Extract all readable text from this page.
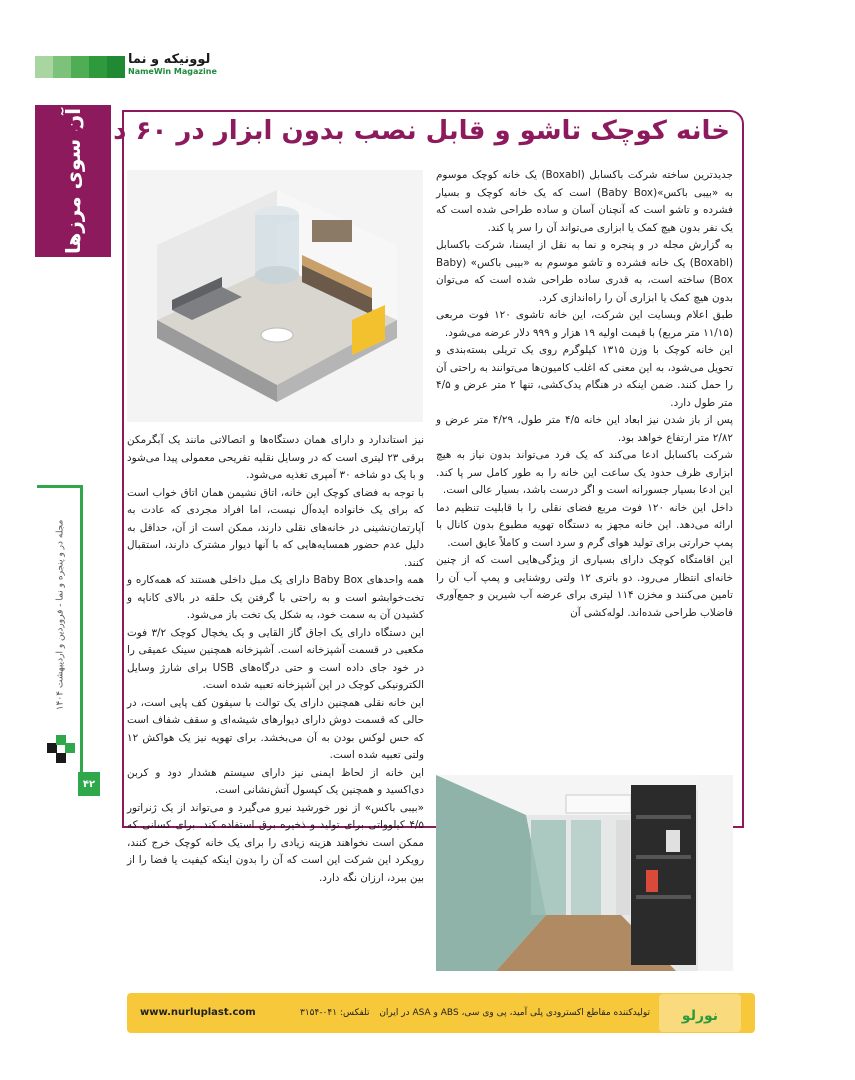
لوونیکه و نما
NameWin Magazine
آن سوی مرزها
مجله در و پنجره و نما - فروردین و اردیبهشت ۱۴۰۴
۴۲
خانه کوچک تاشو و قابل نصب بدون ابزار در ۶۰ دقیقه!

جدیدترین ساخته شرکت باکسابل (Boxabl) یک خانه کوچک موسوم به «بیبی باکس»(Baby Box) است که یک خانه کوچک و بسیار فشرده و تاشو است که آنچنان آسان و ساده طراحی شده است که یک نفر بدون هیچ کمک یا ابزاری می‌تواند آن را سر پا کند.

به گزارش مجله در و پنجره و نما به نقل از ایسنا، شرکت باکسابل (Boxabl) یک خانه فشرده و تاشو موسوم به «بیبی باکس» (Baby Box) ساخته است، به قدری ساده طراحی شده است که می‌توان بدون هیچ کمک یا ابزاری آن را راه‌اندازی کرد.

طبق اعلام وبسایت این شرکت، این خانه تاشوی ۱۲۰ فوت مربعی (۱۱/۱۵ متر مربع) با قیمت اولیه ۱۹ هزار و ۹۹۹ دلار عرضه می‌شود.

این خانه کوچک با وزن ۱۳۱۵ کیلوگرم روی یک تریلی بسته‌بندی و تحویل می‌شود، به این معنی که اغلب کامیون‌ها می‌توانند به راحتی آن را حمل کنند. ضمن اینکه در هنگام یدک‌کشی، تنها ۲ متر عرض و ۴/۵ متر طول دارد.

پس از باز شدن نیز ابعاد این خانه ۴/۵ متر طول، ۴/۲۹ متر عرض و ۲/۸۲ متر ارتفاع خواهد بود.

شرکت باکسابل ادعا می‌کند که یک فرد می‌تواند بدون نیاز به هیچ ابزاری ظرف حدود یک ساعت این خانه را به طور کامل سر پا کند. این ادعا بسیار جسورانه است و اگر درست باشد، بسیار عالی است.

داخل این خانه ۱۲۰ فوت مربع فضای نقلی را با قابلیت تنظیم دما ارائه می‌دهد. این خانه مجهز به دستگاه تهویه مطبوع بدون کانال با پمپ حرارتی برای تولید هوای گرم و سرد است و کاملاً عایق است.

این اقامتگاه کوچک دارای بسیاری از ویژگی‌هایی است که از چنین خانه‌ای انتظار می‌رود. دو باتری ۱۲ ولتی روشنایی و پمپ آب آن را تامین می‌کنند و مخزن ۱۱۴ لیتری برای عرضه آب شیرین و جمع‌آوری فاضلاب طراحی شده‌اند. لوله‌کشی آن

نیز استاندارد و دارای همان دستگاه‌ها و اتصالاتی مانند یک آبگرمکن برقی ۲۳ لیتری است که در وسایل نقلیه تفریحی معمولی پیدا می‌شود و با یک دو شاخه ۳۰ آمپری تغذیه می‌شود.

با توجه به فضای کوچک این خانه، اتاق نشیمن همان اتاق خواب است که برای یک خانواده ایده‌آل نیست، اما افراد مجردی که عادت به آپارتمان‌نشینی در خانه‌های نقلی دارند، ممکن است از آن، حداقل به دلیل عدم حضور همسایه‌هایی که با آنها دیوار مشترک دارند، استقبال کنند.

همه واحدهای Baby Box دارای یک مبل داخلی هستند که همه‌کاره و تخت‌خوابشو است و به راحتی با گرفتن یک حلقه در بالای کاناپه و کشیدن آن به سمت خود، به شکل یک تخت باز می‌شود.

این دستگاه دارای یک اجاق گاز القایی و یک یخچال کوچک ۳/۲ فوت مکعبی در قسمت آشپزخانه است. آشپزخانه همچنین سینک عمیقی را در خود جای داده است و حتی درگاه‌های USB برای شارژ وسایل الکترونیکی کوچک در این آشپزخانه تعبیه شده است.

این خانه نقلی همچنین دارای یک توالت با سیفون کف پایی است، در حالی که قسمت دوش دارای دیوارهای شیشه‌ای و سقف شفاف است که حس لوکس بودن به آن می‌بخشد. برای تهویه نیز یک هواکش ۱۲ ولتی تعبیه شده است.

این خانه از لحاظ ایمنی نیز دارای سیستم هشدار دود و کربن دی‌اکسید و همچنین یک کپسول آتش‌نشانی است.

«بیبی باکس» از نور خورشید نیرو می‌گیرد و می‌تواند از یک ژنراتور ۴/۵ کیلوواتی برای تولید و ذخیره برق استفاده کند. برای کسانی که ممکن است نخواهند هزینه زیادی را برای یک خانه کوچک خرج کنند، رویکرد این شرکت این است که آن را بدون اینکه کیفیت یا فضا را از بین ببرد، ارزان نگه دارد.

www.nurluplast.com	تلفکس: ۰۴۱-۳۱۵۴ تولیدکننده مقاطع اکسترودی پلی آمید، پی وی سی، ABS و ASA در ایران نورلو
